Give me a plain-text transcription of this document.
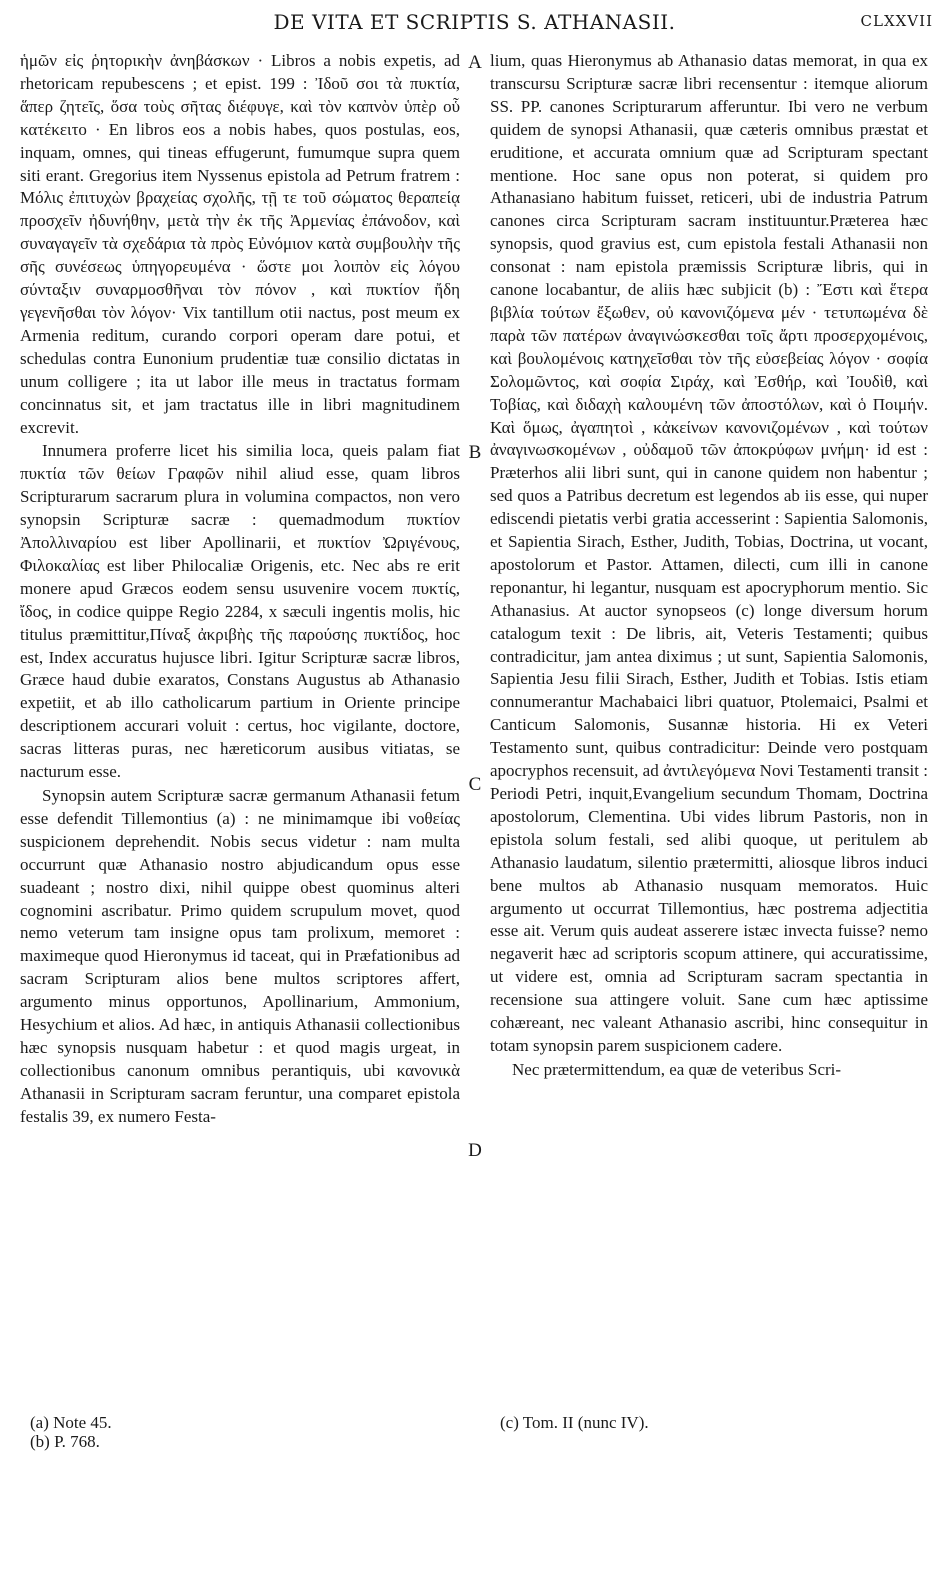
DE VITA ET SCRIPTIS S. ATHANASII.	CLXXVII

ἡμῶν εἰς ῥητορικὴν ἀνηβάσκων · Libros a nobis expetis, ad rhetoricam repubescens ; et epist. 199 : Ἰδοῦ σοι τὰ πυκτία, ἅπερ ζητεῖς, ὅσα τοὺς σῆτας διέφυγε, καὶ τὸν καπνὸν ὑπὲρ οὗ κατέκειτο · En libros eos a nobis habes, quos postulas, eos, inquam, omnes, qui tineas effugerunt, fumumque supra quem siti erant. Gregorius item Nyssenus epistola ad Petrum fratrem : Μόλις ἐπιτυχὼν βραχείας σχολῆς, τῇ τε τοῦ σώματος θεραπείᾳ προσχεῖν ἠδυνήθην, μετὰ τὴν ἐκ τῆς Ἀρμενίας ἐπάνοδον, καὶ συναγαγεῖν τὰ σχεδάρια τὰ πρὸς Εὐνόμιον κατὰ συμβουλὴν τῆς σῆς συνέσεως ὑπηγορευμένα · ὥστε μοι λοιπὸν εἰς λόγου σύνταξιν συναρμοσθῆναι τὸν πόνον , καὶ πυκτίον ἤδη γεγενῆσθαι τὸν λόγον· Vix tantillum otii nactus, post meum ex Armenia reditum, curando corpori operam dare potui, et schedulas contra Eunonium prudentiæ tuæ consilio dictatas in unum colligere ; ita ut labor ille meus in tractatus formam concinnatus sit, et jam tractatus ille in libri magnitudinem excrevit.

Innumera proferre licet his similia loca, queis palam fiat πυκτία τῶν θείων Γραφῶν nihil aliud esse, quam libros Scripturarum sacrarum plura in volumina compactos, non vero synopsin Scripturæ sacræ : quemadmodum πυκτίον Ἀπολλιναρίου est liber Apollinarii, et πυκτίον Ὠριγένους, Φιλοκαλίας est liber Philocaliæ Origenis, etc. Nec abs re erit monere apud Græcos eodem sensu usuvenire vocem πυκτίς, ἴδος, in codice quippe Regio 2284, x sæculi ingentis molis, hic titulus præmittitur,Πίναξ ἀκριβὴς τῆς παρούσης πυκτίδος, hoc est, Index accuratus hujusce libri. Igitur Scripturæ sacræ libros, Græce haud dubie exaratos, Constans Augustus ab Athanasio expetiit, et ab illo catholicarum partium in Oriente principe descriptionem accurari voluit : certus, hoc vigilante, doctore, sacras litteras puras, nec hæreticorum ausibus vitiatas, se nacturum esse.

Synopsin autem Scripturæ sacræ germanum Athanasii fetum esse defendit Tillemontius (a) : ne minimamque ibi νοθείας suspicionem deprehendit. Nobis secus videtur : nam multa occurrunt quæ Athanasio nostro abjudicandum opus esse suadeant ; nostro dixi, nihil quippe obest quominus alteri cognomini ascribatur. Primo quidem scrupulum movet, quod nemo veterum tam insigne opus tam prolixum, memoret : maximeque quod Hieronymus id taceat, qui in Præfationibus ad sacram Scripturam alios bene multos scriptores affert, argumento minus opportunos, Apollinarium, Ammonium, Hesychium et alios. Ad hæc, in antiquis Athanasii collectionibus hæc synopsis nusquam habetur : et quod magis urgeat, in collectionibus canonum omnibus perantiquis, ubi κανονικὰ Athanasii in Scripturam sacram feruntur, una comparet epistola festalis 39, ex numero Festa-

A
B
C
D

lium, quas Hieronymus ab Athanasio datas memorat, in qua ex transcursu Scripturæ sacræ libri recensentur : itemque aliorum SS. PP. canones Scripturarum afferuntur. Ibi vero ne verbum quidem de synopsi Athanasii, quæ cæteris omnibus præstat et eruditione, et accurata omnium quæ ad Scripturam spectant mentione. Hoc sane opus non poterat, si quidem pro Athanasiano habitum fuisset, reticeri, ubi de industria Patrum canones circa Scripturam sacram instituuntur.Præterea hæc synopsis, quod gravius est, cum epistola festali Athanasii non consonat : nam epistola præmissis Scripturæ libris, qui in canone locabantur, de aliis hæc subjicit (b) : Ἔστι καὶ ἕτερα βιβλία τούτων ἔξωθεν, οὐ κανονιζόμενα μέν · τετυπωμένα δὲ παρὰ τῶν πατέρων ἀναγινώσκεσθαι τοῖς ἄρτι προσερχομένοις, καὶ βουλομένοις κατηχεῖσθαι τὸν τῆς εὐσεβείας λόγον · σοφία Σολομῶντος, καὶ σοφία Σιράχ, καὶ Ἐσθήρ, καὶ Ἰουδὶθ, καὶ Τοβίας, καὶ διδαχὴ καλουμένη τῶν ἀποστόλων, καὶ ὁ Ποιμήν. Καὶ ὅμως, ἀγαπητοὶ , κἀκείνων κανονιζομένων , καὶ τούτων ἀναγινωσκομένων , οὐδαμοῦ τῶν ἀποκρύφων μνήμη· id est : Præterhos alii libri sunt, qui in canone quidem non habentur ; sed quos a Patribus decretum est legendos ab iis esse, qui nuper ediscendi pietatis verbi gratia accesserint : Sapientia Salomonis, et Sapientia Sirach, Esther, Judith, Tobias, Doctrina, ut vocant, apostolorum et Pastor. Attamen, dilecti, cum illi in canone reponantur, hi legantur, nusquam est apocryphorum mentio. Sic Athanasius. At auctor synopseos (c) longe diversum horum catalogum texit : De libris, ait, Veteris Testamenti; quibus contradicitur, jam antea diximus ; ut sunt, Sapientia Salomonis, Sapientia Jesu filii Sirach, Esther, Judith et Tobias. Istis etiam connumerantur Machabaici libri quatuor, Ptolemaici, Psalmi et Canticum Salomonis, Susannæ historia. Hi ex Veteri Testamento sunt, quibus contradicitur: Deinde vero postquam apocryphos recensuit, ad ἀντιλεγόμενα Novi Testamenti transit : Periodi Petri, inquit,Evangelium secundum Thomam, Doctrina apostolorum, Clementina. Ubi vides librum Pastoris, non in epistola solum festali, sed alibi quoque, ut peritulem ab Athanasio laudatum, silentio prætermitti, aliosque libros induci bene multos ab Athanasio nusquam memoratos. Huic argumento ut occurrat Tillemontius, hæc postrema adjectitia esse ait. Verum quis audeat asserere istæc invecta fuisse? nemo negaverit hæc ad scriptoris scopum attinere, qui accuratissime, ut videre est, omnia ad Scripturam sacram spectantia in recensione sua attingere voluit. Sane cum hæc aptissime cohæreant, nec valeant Athanasio ascribi, hinc consequitur in totam synopsin parem suspicionem cadere.

Nec prætermittendum, ea quæ de veteribus Scri-

(a) Note 45.
(b) P. 768.
(c) Tom. II (nunc IV).
